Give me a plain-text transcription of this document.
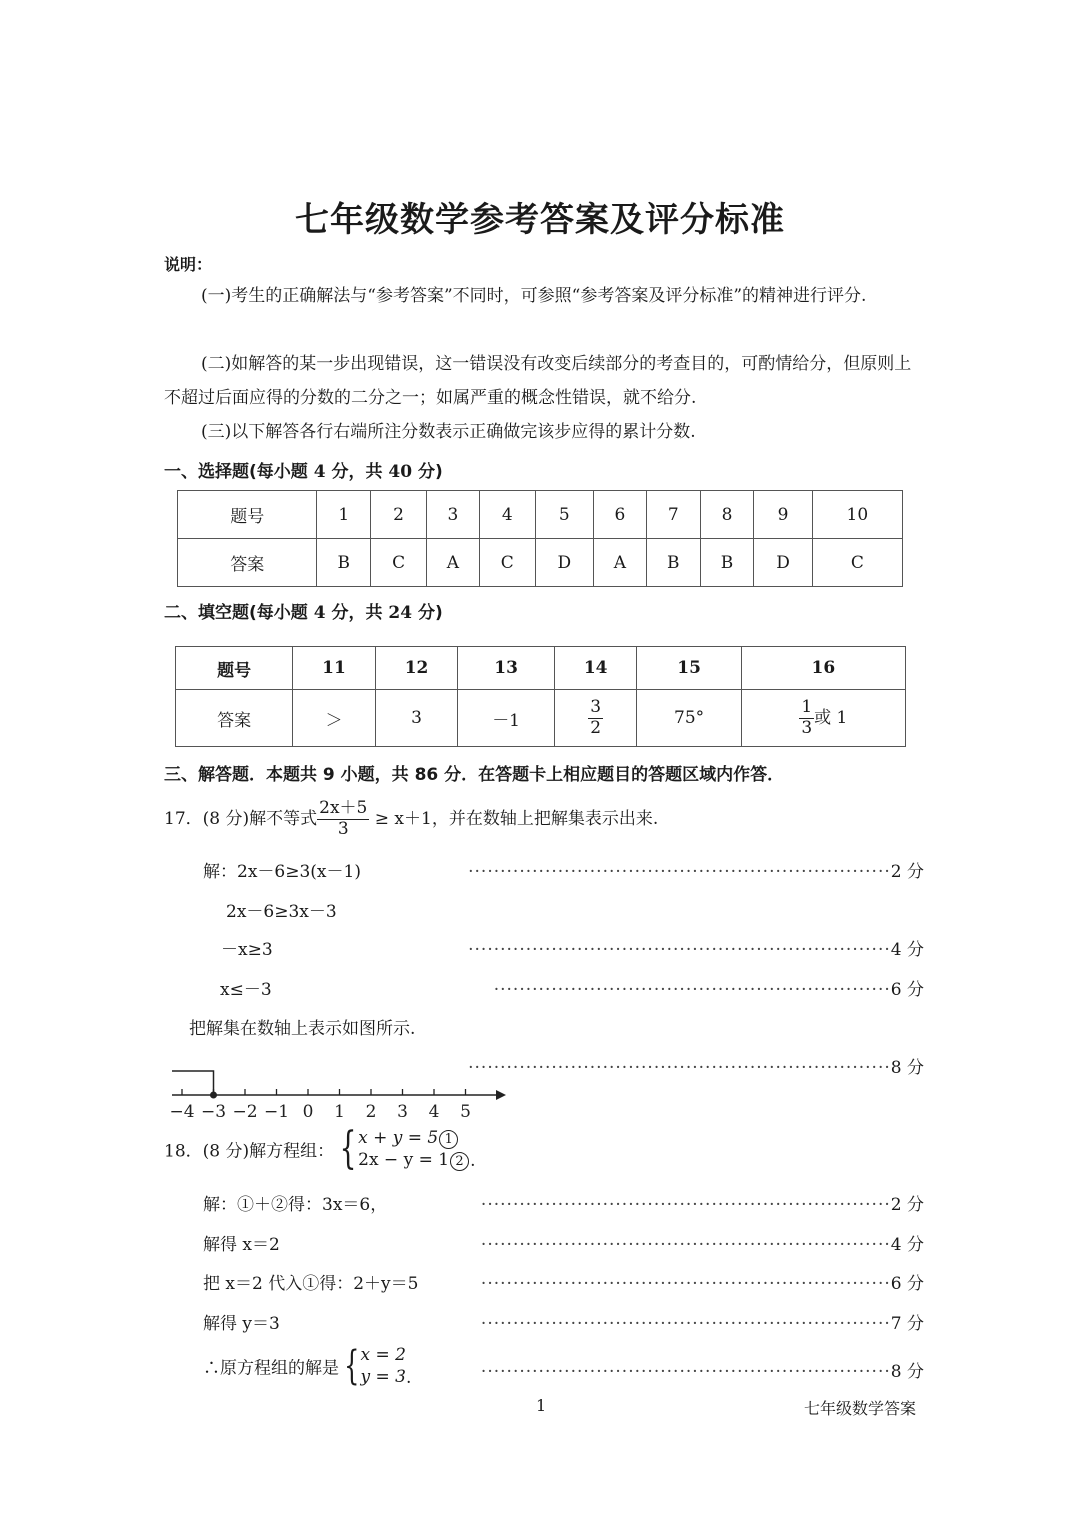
七年级数学参考答案及评分标准
说明：
(一)考生的正确解法与“参考答案”不同时，可参照“参考答案及评分标准”的精神进行评分.
(二)如解答的某一步出现错误，这一错误没有改变后续部分的考查目的，可酌情给分，但原则上不超过后面应得的分数的二分之一；如属严重的概念性错误，就不给分.
(三)以下解答各行右端所注分数表示正确做完该步应得的累计分数.
一、选择题(每小题 4 分，共 40 分)
题号	1	2	3	4	5	6	7	8	9	10
答案	B	C	A	C	D	A	B	B	D	C
二、填空题(每小题 4 分，共 24 分)
题号	11	12	13	14	15	16
答案	＞	3	－1	$\frac{3}{2}$	75°	$\frac{1}{3}$ 或 1
三、解答题．本题共 9 小题，共 86 分．在答题卡上相应题目的答题区域内作答．
17．(8 分)解不等式 $\frac{2x+5}{3} \ge x+1$，并在数轴上把解集表示出来.
解：2x－6≥3(x－1)	··································································2 分
2x－6≥3x－3
－x≥3	··································································4 分
x≤－3	······························································6 分
把解集在数轴上表示如图所示.
··································································8 分
−4 −3 −2 −1 0 1 2 3 4 5
18．(8 分)解方程组： { x + y = 5 1
2x − y = 1 2 .
解：①＋②得：3x＝6，	································································2 分
解得 x＝2	································································4 分
把 x＝2 代入①得：2＋y＝5	································································6 分
解得 y＝3	································································7 分
∴原方程组的解是 { x = 2
y = 3 .	································································8 分
1	七年级数学答案
